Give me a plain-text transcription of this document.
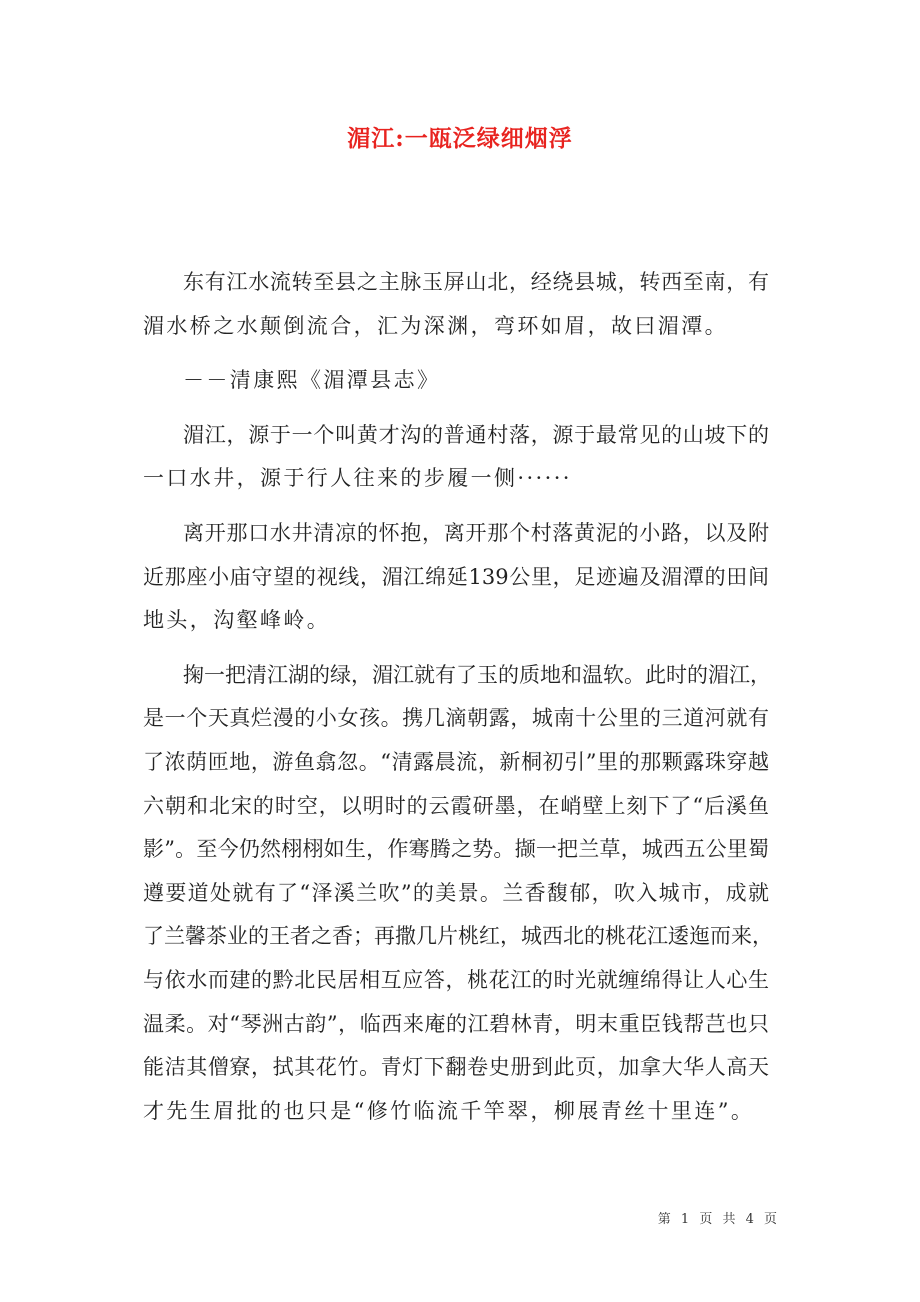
湄江:一瓯泛绿细烟浮
东有江水流转至县之主脉玉屏山北，经绕县城，转西至南，有
湄水桥之水颠倒流合，汇为深渊，弯环如眉，故曰湄潭。
－－清康熙《湄潭县志》
湄江，源于一个叫黄才沟的普通村落，源于最常见的山坡下的
一口水井，源于行人往来的步履一侧······
离开那口水井清凉的怀抱，离开那个村落黄泥的小路，以及附
近那座小庙守望的视线，湄江绵延139公里，足迹遍及湄潭的田间
地头，沟壑峰岭。
掬一把清江湖的绿，湄江就有了玉的质地和温软。此时的湄江，
是一个天真烂漫的小女孩。携几滴朝露，城南十公里的三道河就有
了浓荫匝地，游鱼翕忽。“清露晨流，新桐初引”里的那颗露珠穿越
六朝和北宋的时空，以明时的云霞研墨，在峭壁上刻下了“后溪鱼
影”。至今仍然栩栩如生，作骞腾之势。撷一把兰草，城西五公里蜀
遵要道处就有了“泽溪兰吹”的美景。兰香馥郁，吹入城市，成就
了兰馨茶业的王者之香；再撒几片桃红，城西北的桃花江逶迤而来，
与依水而建的黔北民居相互应答，桃花江的时光就缠绵得让人心生
温柔。对“琴洲古韵”，临西来庵的江碧林青，明末重臣钱帮芑也只
能洁其僧寮，拭其花竹。青灯下翻卷史册到此页，加拿大华人高天
才先生眉批的也只是“修竹临流千竿翠，柳展青丝十里连”。
第 1 页 共 4 页
